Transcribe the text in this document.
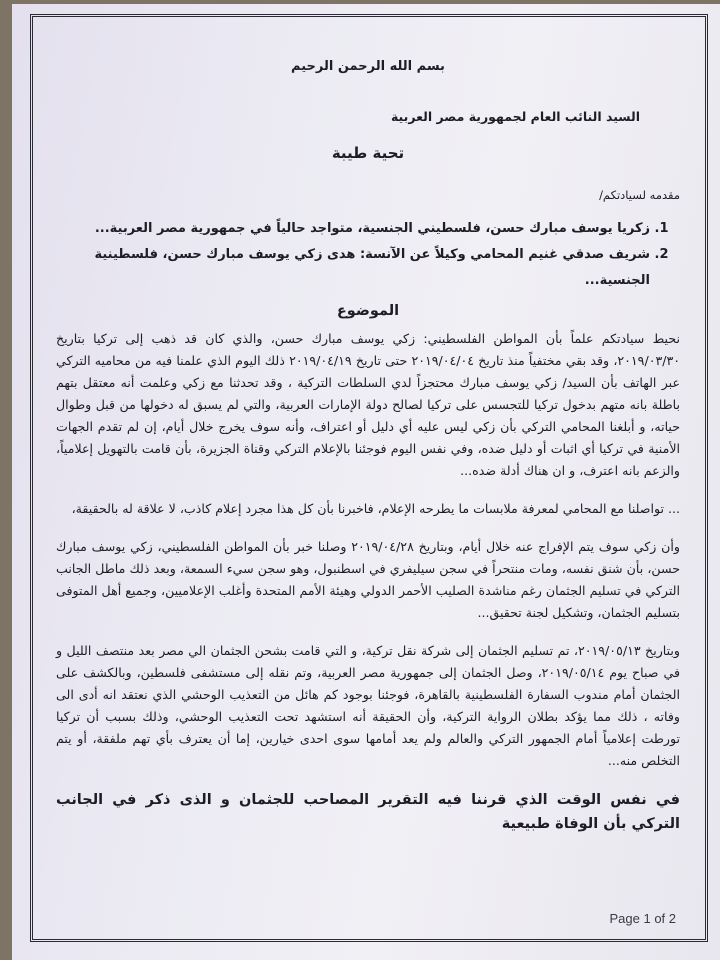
بسم الله الرحمن الرحيم
السيد النائب العام لجمهورية مصر العربية
تحية طيبة
مقدمه لسيادتكم/
1. زكريا يوسف مبارك حسن، فلسطيني الجنسية، متواجد حالياً في جمهورية مصر العربية...
2. شريف صدقي غنيم المحامي وكيلاً عن الآنسة: هدى زكي يوسف مبارك حسن، فلسطينية الجنسية...
الموضوع

نحيط سيادتكم علماً بأن المواطن الفلسطيني: زكي يوسف مبارك حسن، والذي كان قد ذهب إلى تركيا بتاريخ ٢٠١٩/٠٣/٣٠، وقد بقي مختفياً منذ تاريخ ٢٠١٩/٠٤/٠٤ حتى تاريخ ٢٠١٩/٠٤/١٩ ذلك اليوم الذي علمنا فيه من محاميه التركي عبر الهاتف بأن السيد/ زكي يوسف مبارك محتجزاً لدي السلطات التركية ، وقد تحدثنا مع زكي وعلمت أنه معتقل بتهم باطلة بانه متهم بدخول تركيا للتجسس على تركيا لصالح دولة الإمارات العربية، والتي لم يسبق له دخولها من قبل وطوال حياته، و أبلغنا المحامي التركي بأن زكي ليس عليه أي دليل أو اعتراف، وأنه سوف يخرج خلال أيام، إن لم تقدم الجهات الأمنية في تركيا أي اثبات أو دليل ضده، وفي نفس اليوم فوجئنا بالإعلام التركي وقناة الجزيرة، بأن قامت بالتهويل إعلامياً، والزعم بانه اعترف، و ان هناك أدلة ضده...

... تواصلنا مع المحامي لمعرفة ملابسات ما يطرحه الإعلام، فاخبرنا بأن كل هذا مجرد إعلام كاذب، لا علاقة له بالحقيقة،

وأن زكي سوف يتم الإفراج عنه خلال أيام، وبتاريخ ٢٠١٩/٠٤/٢٨ وصلنا خبر بأن المواطن الفلسطيني، زكي يوسف مبارك حسن، بأن شنق نفسه، ومات منتحراً في سجن سيليفري في اسطنبول، وهو سجن سيء السمعة، وبعد ذلك ماطل الجانب التركي في تسليم الجثمان رغم مناشدة الصليب الأحمر الدولي وهيئة الأمم المتحدة وأغلب الإعلاميين، وجميع أهل المتوفى بتسليم الجثمان، وتشكيل لجنة تحقيق...

وبتاريخ ٢٠١٩/٠٥/١٣، تم تسليم الجثمان إلى شركة نقل تركية، و التي قامت بشحن الجثمان الي مصر بعد منتصف الليل و في صباح يوم ٢٠١٩/٠٥/١٤، وصل الجثمان إلى جمهورية مصر العربية، وتم نقله إلى مستشفى فلسطين، وبالكشف على الجثمان أمام مندوب السفارة الفلسطينية بالقاهرة، فوجئنا بوجود كم هائل من التعذيب الوحشي الذي نعتقد انه أدى الى وفاته ، ذلك مما يؤكد بطلان الرواية التركية، وأن الحقيقة أنه استشهد تحت التعذيب الوحشي، وذلك بسبب أن تركيا تورطت إعلامياً أمام الجمهور التركي والعالم ولم يعد أمامها سوى احدى خيارين، إما أن يعترف بأي تهم ملفقة، أو يتم التخلص منه...

في نفس الوقت الذي قرننا فيه التقرير المصاحب للجثمان و الذى ذكر في الجانب التركي بأن الوفاة طبيعية

Page 1 of 2
